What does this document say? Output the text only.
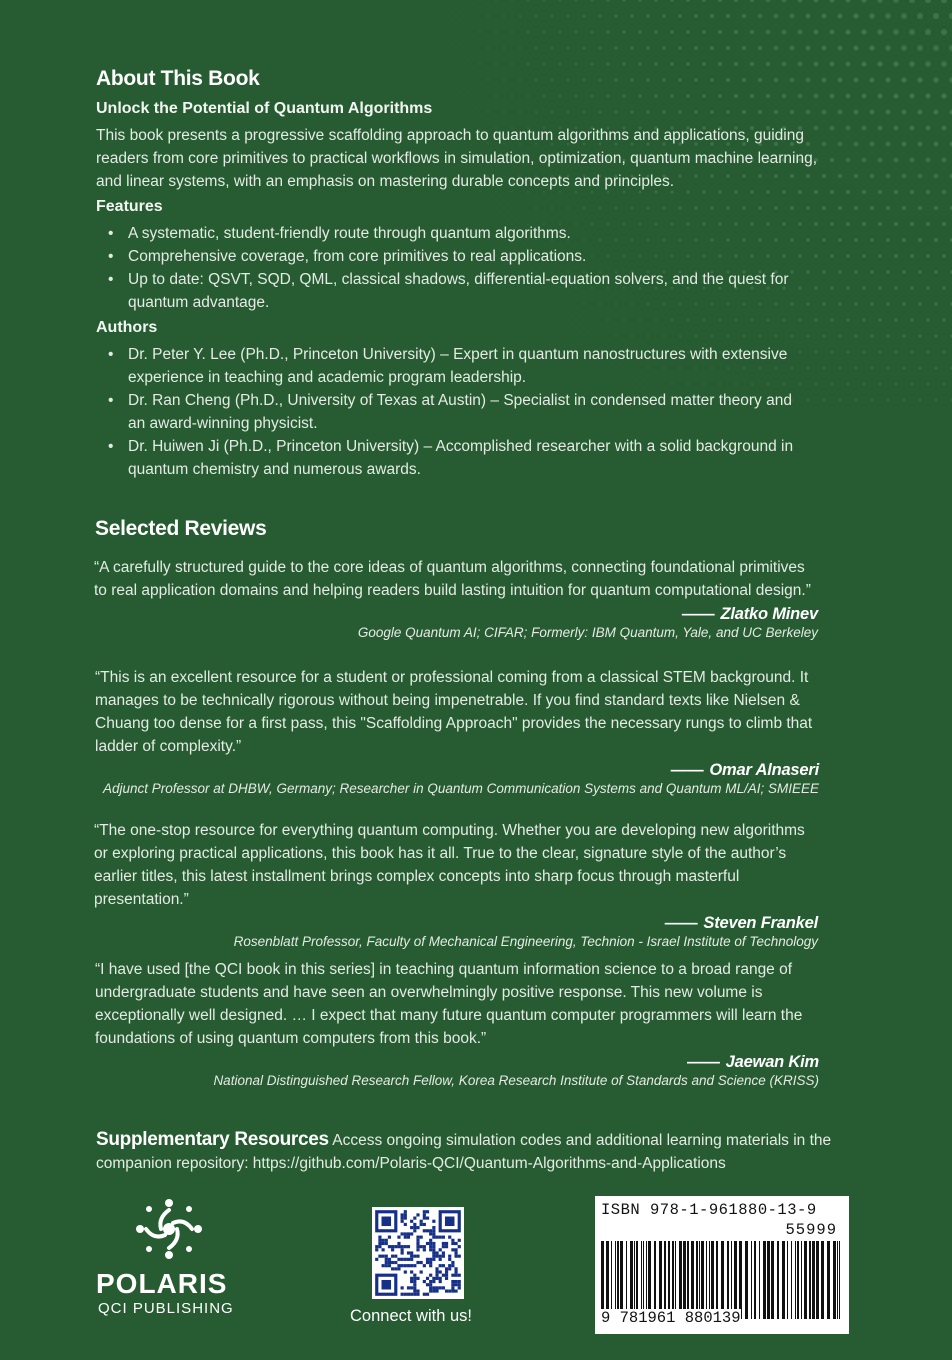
About This Book
Unlock the Potential of Quantum Algorithms
This book presents a progressive scaffolding approach to quantum algorithms and applications, guiding readers from core primitives to practical workflows in simulation, optimization, quantum machine learning, and linear systems, with an emphasis on mastering durable concepts and principles.
Features
• A systematic, student-friendly route through quantum algorithms.
• Comprehensive coverage, from core primitives to real applications.
• Up to date: QSVT, SQD, QML, classical shadows, differential-equation solvers, and the quest for quantum advantage.
Authors
• Dr. Peter Y. Lee (Ph.D., Princeton University) – Expert in quantum nanostructures with extensive experience in teaching and academic program leadership.
• Dr. Ran Cheng (Ph.D., University of Texas at Austin) – Specialist in condensed matter theory and an award-winning physicist.
• Dr. Huiwen Ji (Ph.D., Princeton University) – Accomplished researcher with a solid background in quantum chemistry and numerous awards.
Selected Reviews
“A carefully structured guide to the core ideas of quantum algorithms, connecting foundational primitives to real application domains and helping readers build lasting intuition for quantum computational design.”
—— Zlatko Minev
Google Quantum AI; CIFAR; Formerly: IBM Quantum, Yale, and UC Berkeley
“This is an excellent resource for a student or professional coming from a classical STEM background. It manages to be technically rigorous without being impenetrable. If you find standard texts like Nielsen & Chuang too dense for a first pass, this "Scaffolding Approach" provides the necessary rungs to climb that ladder of complexity.”
—— Omar Alnaseri
Adjunct Professor at DHBW, Germany; Researcher in Quantum Communication Systems and Quantum ML/AI; SMIEEE
“The one-stop resource for everything quantum computing. Whether you are developing new algorithms or exploring practical applications, this book has it all. True to the clear, signature style of the author’s earlier titles, this latest installment brings complex concepts into sharp focus through masterful presentation.”
—— Steven Frankel
Rosenblatt Professor, Faculty of Mechanical Engineering, Technion - Israel Institute of Technology
“I have used [the QCI book in this series] in teaching quantum information science to a broad range of undergraduate students and have seen an overwhelmingly positive response. This new volume is exceptionally well designed. … I expect that many future quantum computer programmers will learn the foundations of using quantum computers from this book.”
—— Jaewan Kim
National Distinguished Research Fellow, Korea Research Institute of Standards and Science (KRISS)
Supplementary Resources Access ongoing simulation codes and additional learning materials in the companion repository: https://github.com/Polaris-QCI/Quantum-Algorithms-and-Applications
POLARIS
QCI PUBLISHING	Connect with us!
ISBN 978-1-961880-13-9
55999
9 781961 880139
